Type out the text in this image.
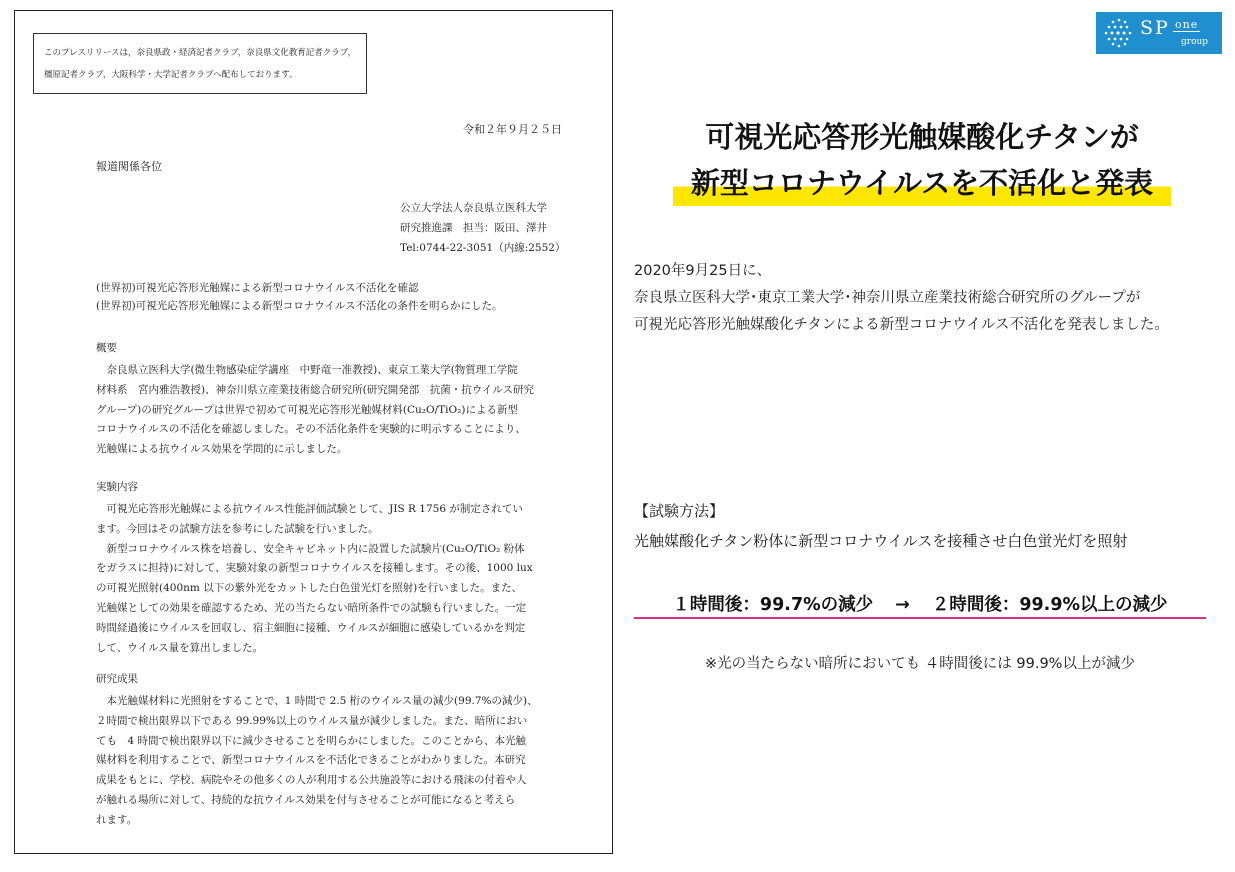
このプレスリリースは，奈良県政・経済記者クラブ，奈良県文化教育記者クラブ，
橿原記者クラブ，大阪科学・大学記者クラブへ配布しております。
令和２年９月２５日
報道関係各位
公立大学法人奈良県立医科大学
研究推進課　担当：阪田、澤井
Tel:0744-22-3051（内線:2552）
(世界初)可視光応答形光触媒による新型コロナウイルス不活化を確認
(世界初)可視光応答形光触媒による新型コロナウイルス不活化の条件を明らかにした。
概要
　奈良県立医科大学(微生物感染症学講座　中野竜一准教授)、東京工業大学(物質理工学院
材料系　宮内雅浩教授)、神奈川県立産業技術総合研究所(研究開発部　抗菌・抗ウイルス研究
グループ)の研究グループは世界で初めて可視光応答形光触媒材料(Cu₂O/TiO₂)による新型
コロナウイルスの不活化を確認しました。その不活化条件を実験的に明示することにより、
光触媒による抗ウイルス効果を学問的に示しました。
実験内容
　可視光応答形光触媒による抗ウイルス性能評価試験として、JIS R 1756 が制定されてい
ます。今回はその試験方法を参考にした試験を行いました。
　新型コロナウイルス株を培養し、安全キャビネット内に設置した試験片(Cu₂O/TiO₂ 粉体
をガラスに担持)に対して、実験対象の新型コロナウイルスを接種します。その後、1000 lux
の可視光照射(400nm 以下の紫外光をカットした白色蛍光灯を照射)を行いました。また、
光触媒としての効果を確認するため、光の当たらない暗所条件での試験も行いました。一定
時間経過後にウイルスを回収し、宿主細胞に接種、ウイルスが細胞に感染しているかを判定
して、ウイルス量を算出しました。
研究成果
　本光触媒材料に光照射をすることで、1 時間で 2.5 桁のウイルス量の減少(99.7%の減少)、
２時間で検出限界以下である 99.99%以上のウイルス量が減少しました。また、暗所におい
ても　4 時間で検出限界以下に減少させることを明らかにしました。このことから、本光触
媒材料を利用することで、新型コロナウイルスを不活化できることがわかりました。本研究
成果をもとに、学校、病院やその他多くの人が利用する公共施設等における飛沫の付着や人
が触れる場所に対して、持続的な抗ウイルス効果を付与させることが可能になると考えら
れます。
SP one
group
可視光応答形光触媒酸化チタンが
新型コロナウイルスを不活化と発表
2020年9月25日に、
奈良県立医科大学･東京工業大学･神奈川県立産業技術総合研究所のグループが
可視光応答形光触媒酸化チタンによる新型コロナウイルス不活化を発表しました。
【試験方法】
光触媒酸化チタン粉体に新型コロナウイルスを接種させ白色蛍光灯を照射
１時間後：99.7%の減少 → ２時間後：99.9%以上の減少
※光の当たらない暗所においても ４時間後には 99.9%以上が減少
